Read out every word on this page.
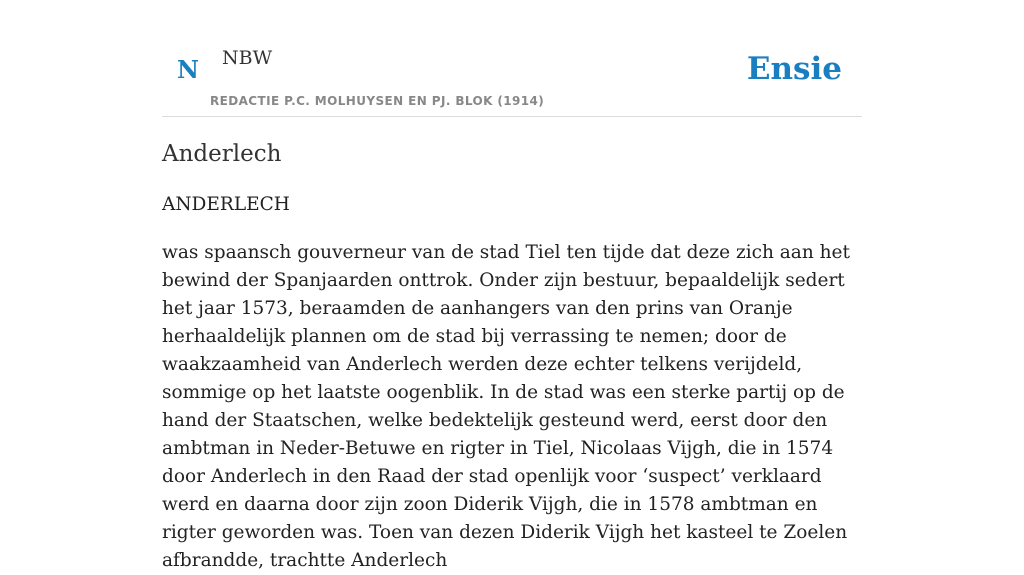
N NBW
REDACTIE P.C. MOLHUYSEN EN PJ. BLOK (1914)
Ensie
Anderlech

ANDERLECH

was spaansch gouverneur van de stad Tiel ten tijde dat deze zich aan het bewind der Spanjaarden onttrok. Onder zijn bestuur, bepaaldelijk sedert het jaar 1573, beraamden de aanhangers van den prins van Oranje herhaaldelijk plannen om de stad bij verrassing te nemen; door de waakzaamheid van Anderlech werden deze echter telkens verijdeld, sommige op het laatste oogenblik. In de stad was een sterke partij op de hand der Staatschen, welke bedektelijk gesteund werd, eerst door den ambtman in Neder-Betuwe en rigter in Tiel, Nicolaas Vijgh, die in 1574 door Anderlech in den Raad der stad openlijk voor ‘suspect’ verklaard werd en daarna door zijn zoon Diderik Vijgh, die in 1578 ambtman en rigter geworden was. Toen van dezen Diderik Vijgh het kasteel te Zoelen afbrandde, trachtte Anderlech
